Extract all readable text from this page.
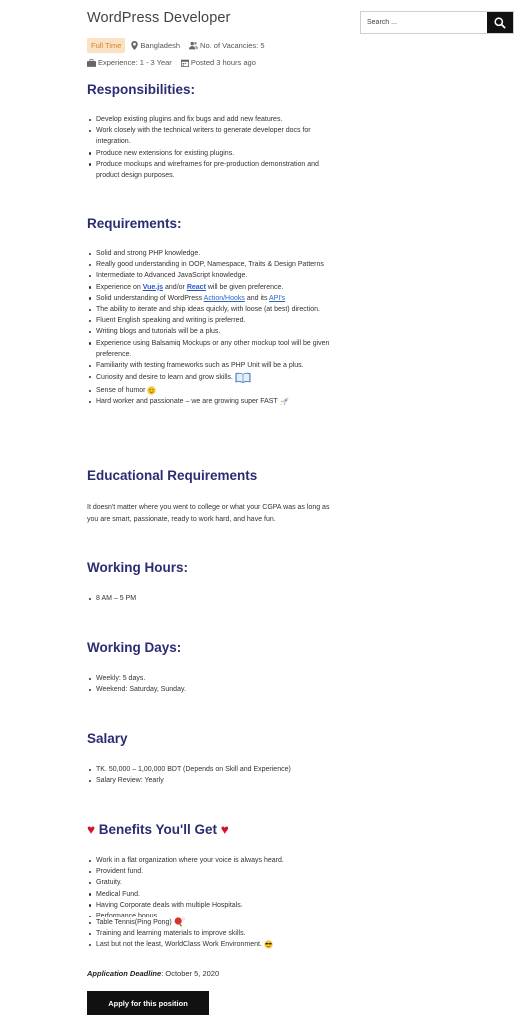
WordPress Developer
Full Time	Bangladesh	No. of Vacancies: 5
Experience: 1 - 3 Year	Posted 3 hours ago
Search ...
Responsibilities:
Develop existing plugins and fix bugs and add new features.
Work closely with the technical writers to generate developer docs for integration.
Produce new extensions for existing plugins.
Produce mockups and wireframes for pre-production demonstration and product design purposes.
Requirements:
Solid and strong PHP knowledge.
Really good understanding in OOP, Namespace, Traits & Design Patterns
Intermediate to Advanced JavaScript knowledge.
Experience on Vue.js and/or React will be given preference.
Solid understanding of WordPress Action/Hooks and its API's
The ability to iterate and ship ideas quickly, with loose (at best) direction.
Fluent English speaking and writing is preferred.
Writing blogs and tutorials will be a plus.
Experience using Balsamiq Mockups or any other mockup tool will be given preference.
Familiarity with testing frameworks such as PHP Unit will be a plus.
Curiosity and desire to learn and grow skills.
Sense of humor
Hard worker and passionate – we are growing super FAST
Educational Requirements

It doesn't matter where you went to college or what your CGPA was as long as you are smart, passionate, ready to work hard, and have fun.

Working Hours:
8 AM – 5 PM
Working Days:
Weekly: 5 days.
Weekend: Saturday, Sunday.
Salary
TK. 50,000 – 1,00,000 BDT (Depends on Skill and Experience)
Salary Review: Yearly
♥ Benefits You'll Get ♥
Work in a flat organization where your voice is always heard.
Provident fund.
Gratuity.
Medical Fund.
Having Corporate deals with multiple Hospitals.
Performance bonus.
Table Tennis(Ping Pong)
Training and learning materials to improve skills.
Last but not the least, WorldClass Work Environment.
Application Deadline: October 5, 2020
Apply for this position
